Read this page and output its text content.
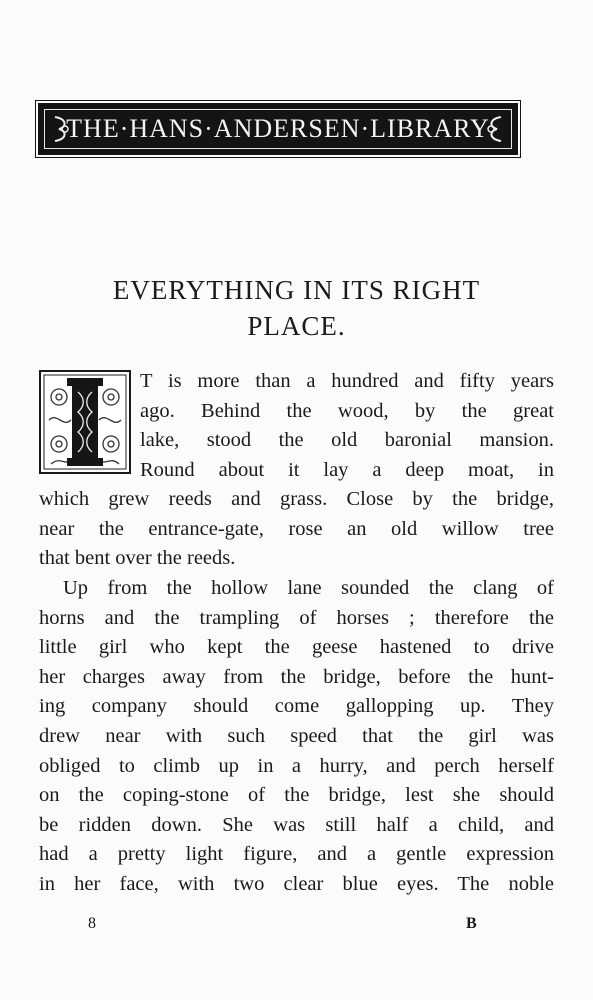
THE·HANS·ANDERSEN·LIBRARY
EVERYTHING IN ITS RIGHT
PLACE.
T is more than a hundred and fifty years
ago. Behind the wood, by the great
lake, stood the old baronial mansion.
Round about it lay a deep moat, in
which grew reeds and grass. Close by the bridge,
near the entrance-gate, rose an old willow tree
that bent over the reeds.
Up from the hollow lane sounded the clang of
horns and the trampling of horses ; therefore the
little girl who kept the geese hastened to drive
her charges away from the bridge, before the hunt-
ing company should come gallopping up. They
drew near with such speed that the girl was
obliged to climb up in a hurry, and perch herself
on the coping-stone of the bridge, lest she should
be ridden down. She was still half a child, and
had a pretty light figure, and a gentle expression
in her face, with two clear blue eyes. The noble
8	B
